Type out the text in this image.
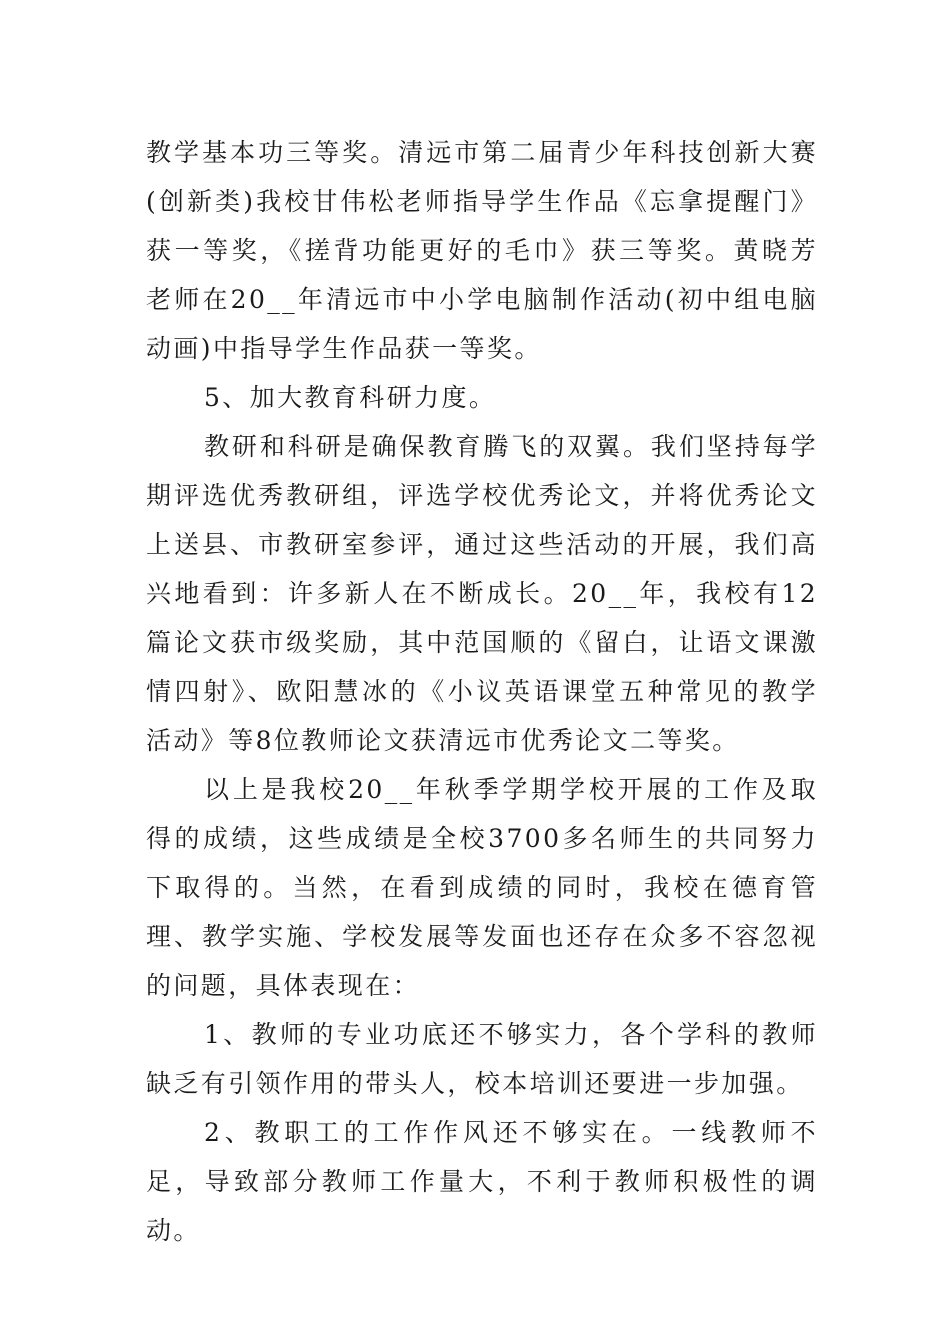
教学基本功三等奖。清远市第二届青少年科技创新大赛(创新类)我校甘伟松老师指导学生作品《忘拿提醒门》获一等奖，《搓背功能更好的毛巾》获三等奖。黄晓芳老师在20__年清远市中小学电脑制作活动(初中组电脑动画)中指导学生作品获一等奖。

5、加大教育科研力度。

教研和科研是确保教育腾飞的双翼。我们坚持每学期评选优秀教研组，评选学校优秀论文，并将优秀论文上送县、市教研室参评，通过这些活动的开展，我们高兴地看到：许多新人在不断成长。20__年，我校有12篇论文获市级奖励，其中范国顺的《留白，让语文课激情四射》、欧阳慧冰的《小议英语课堂五种常见的教学活动》等8位教师论文获清远市优秀论文二等奖。

以上是我校20__年秋季学期学校开展的工作及取得的成绩，这些成绩是全校3700多名师生的共同努力下取得的。当然，在看到成绩的同时，我校在德育管理、教学实施、学校发展等发面也还存在众多不容忽视的问题，具体表现在：

1、教师的专业功底还不够实力，各个学科的教师缺乏有引领作用的带头人，校本培训还要进一步加强。

2、教职工的工作作风还不够实在。一线教师不足，导致部分教师工作量大，不利于教师积极性的调动。
